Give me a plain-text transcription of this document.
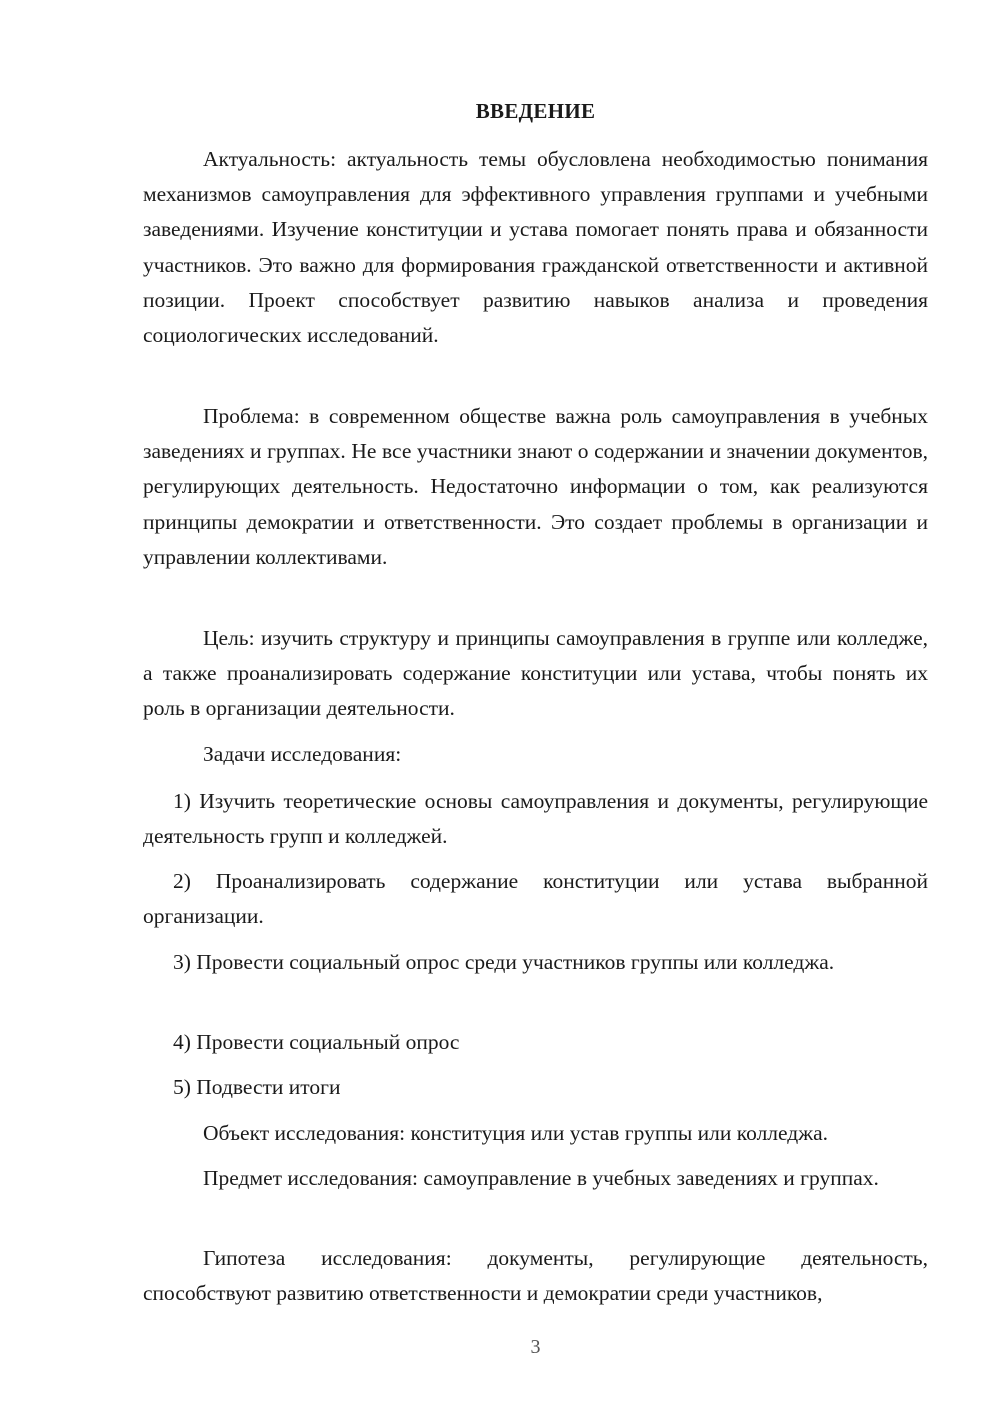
ВВЕДЕНИЕ

Актуальность: актуальность темы обусловлена необходимостью понимания механизмов самоуправления для эффективного управления группами и учебными заведениями. Изучение конституции и устава помогает понять права и обязанности участников. Это важно для формирования гражданской ответственности и активной позиции. Проект способствует развитию навыков анализа и проведения социологических исследований.

Проблема: в современном обществе важна роль самоуправления в учебных заведениях и группах. Не все участники знают о содержании и значении документов, регулирующих деятельность. Недостаточно информации о том, как реализуются принципы демократии и ответственности. Это создает проблемы в организации и управлении коллективами.

Цель: изучить структуру и принципы самоуправления в группе или колледже, а также проанализировать содержание конституции или устава, чтобы понять их роль в организации деятельности.

Задачи исследования:

1) Изучить теоретические основы самоуправления и документы, регулирующие деятельность групп и колледжей.

2) Проанализировать содержание конституции или устава выбранной организации.

3) Провести социальный опрос среди участников группы или колледжа.

4) Провести социальный опрос

5) Подвести итоги

Объект исследования: конституция или устав группы или колледжа.

Предмет исследования: самоуправление в учебных заведениях и группах.

Гипотеза исследования: документы, регулирующие деятельность, способствуют развитию ответственности и демократии среди участников,

3
